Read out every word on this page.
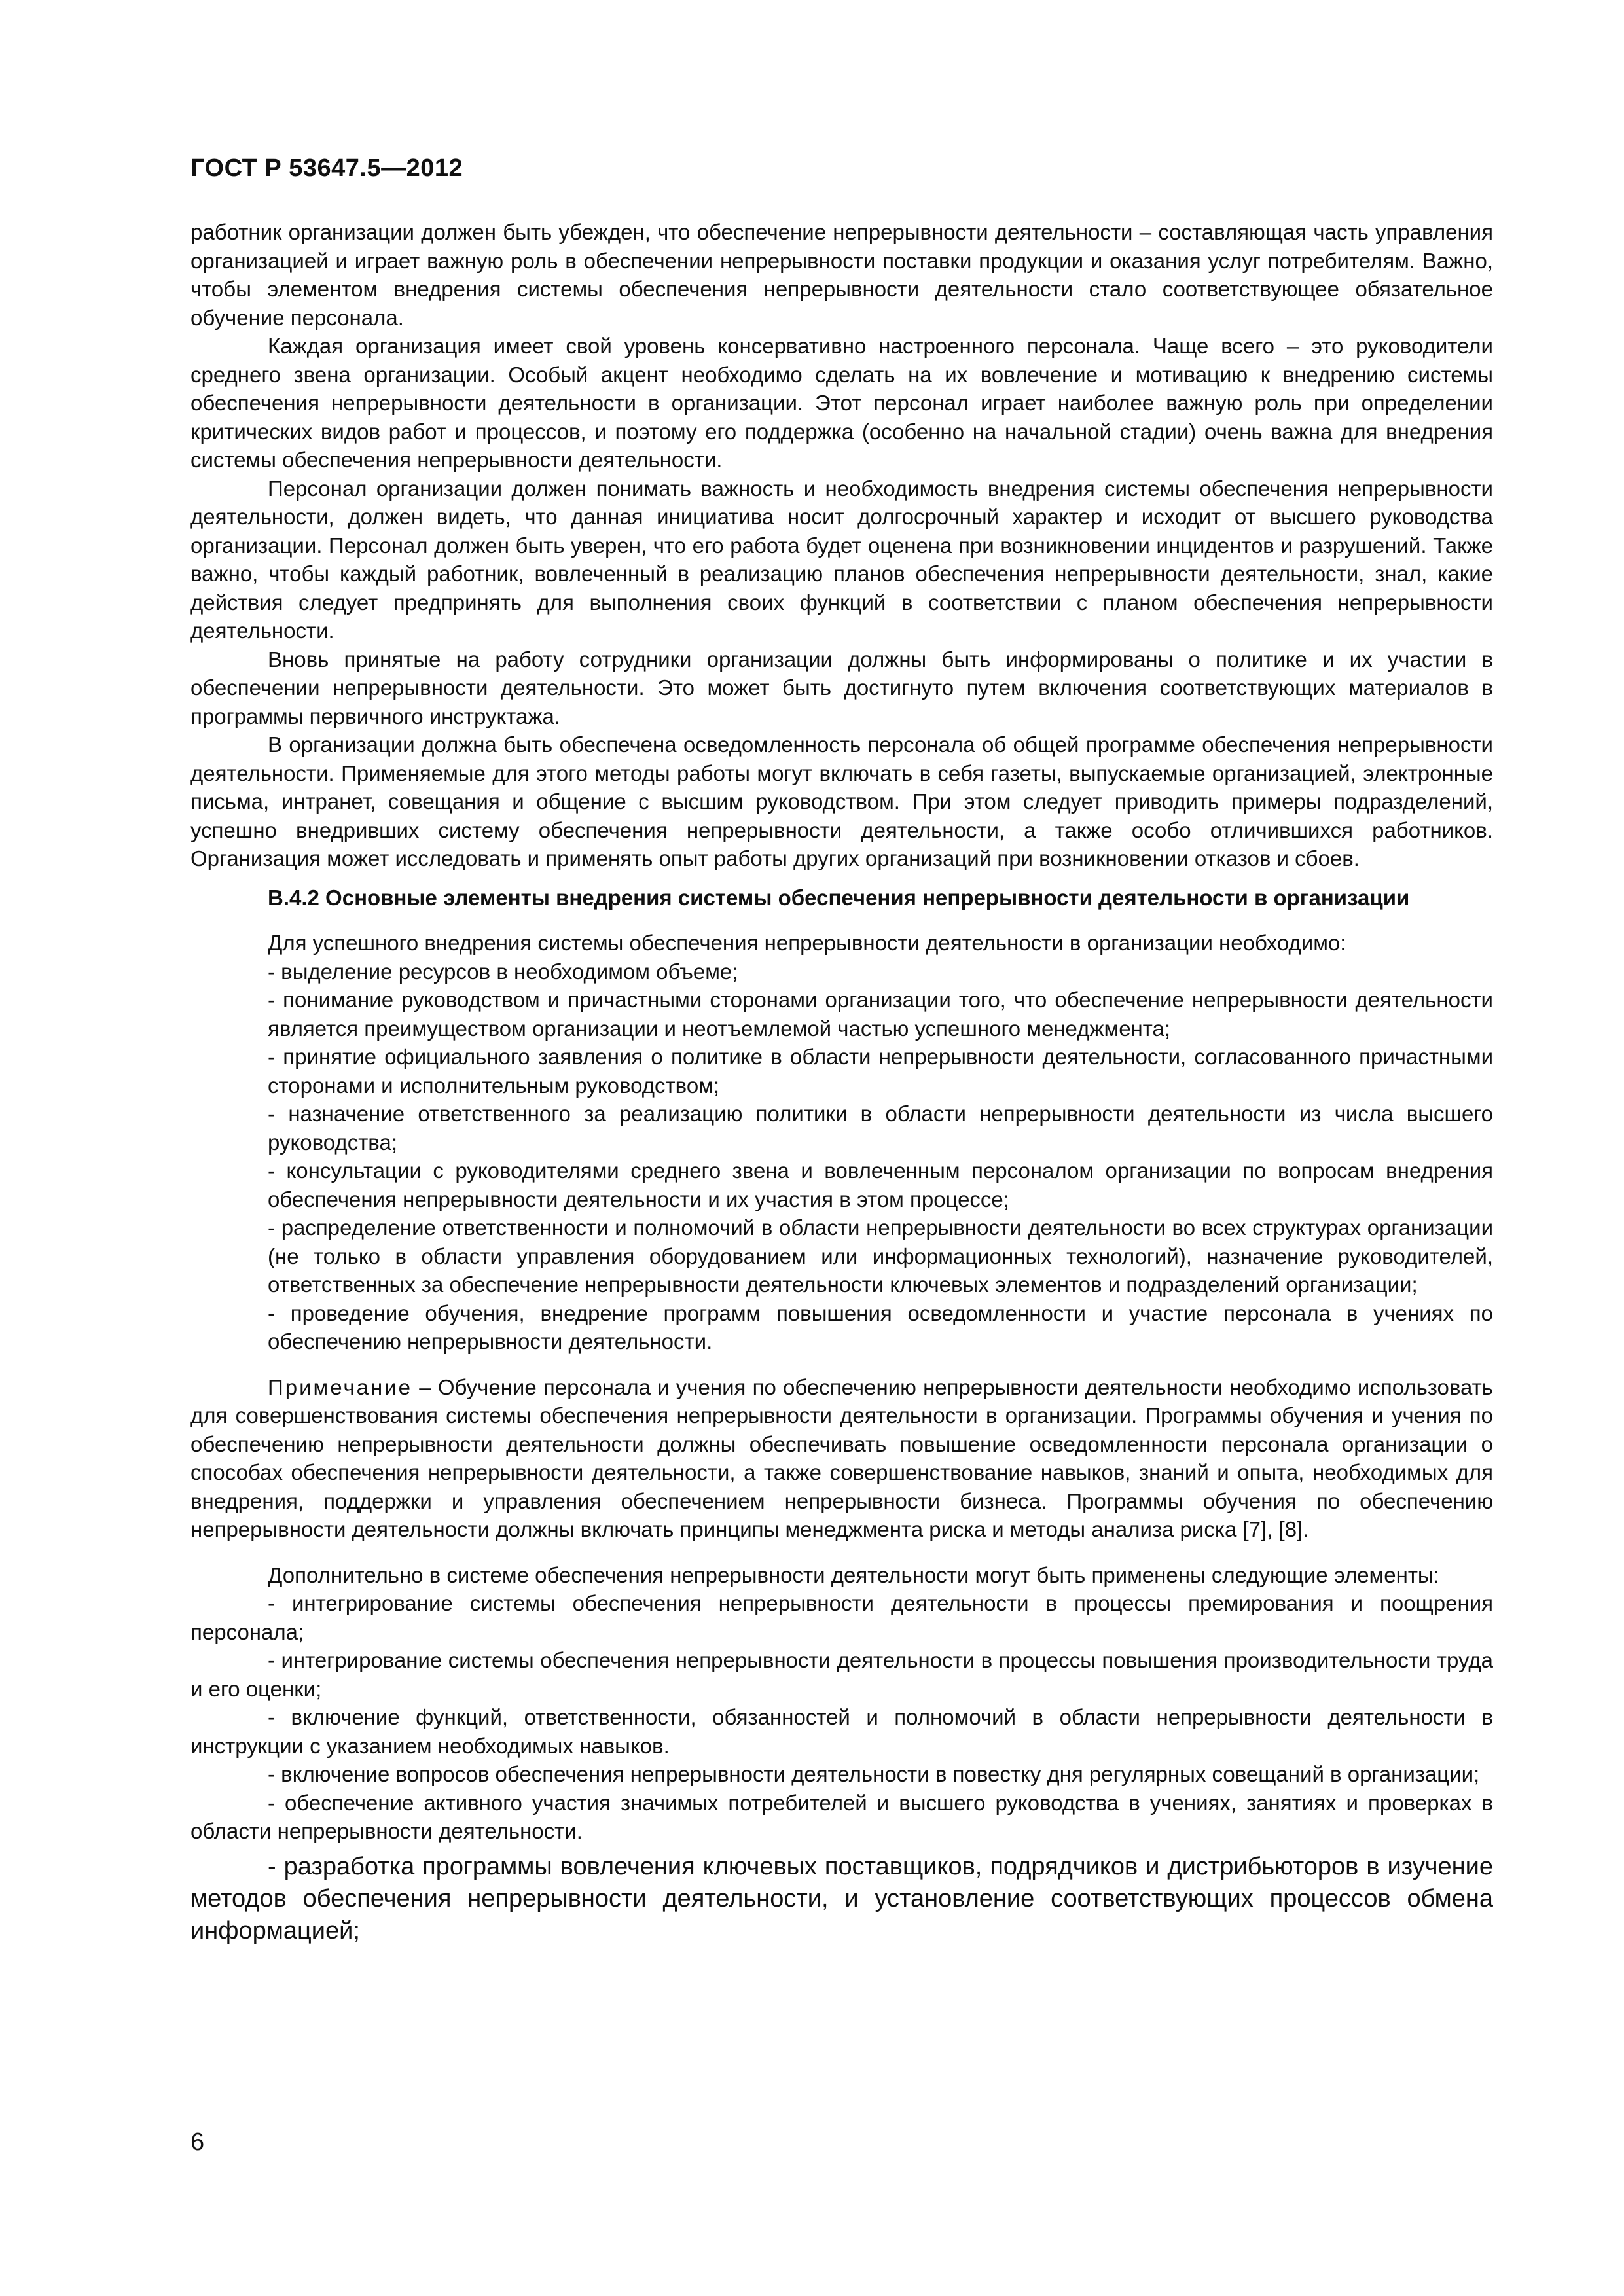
ГОСТ Р 53647.5—2012

работник организации должен быть убежден, что обеспечение непрерывности деятельности – составляющая часть управления организацией и играет важную роль в обеспечении непрерывности поставки продукции и оказания услуг потребителям. Важно, чтобы элементом внедрения системы обеспечения непрерывности деятельности стало соответствующее обязательное обучение персонала.

Каждая организация имеет свой уровень консервативно настроенного персонала. Чаще всего – это руководители среднего звена организации. Особый акцент необходимо сделать на их вовлечение и мотивацию к внедрению системы обеспечения непрерывности деятельности в организации. Этот персонал играет наиболее важную роль при определении критических видов работ и процессов, и поэтому его поддержка (особенно на начальной стадии) очень важна для внедрения системы обеспечения непрерывности деятельности.

Персонал организации должен понимать важность и необходимость внедрения системы обеспечения непрерывности деятельности, должен видеть, что данная инициатива носит долгосрочный характер и исходит от высшего руководства организации. Персонал должен быть уверен, что его работа будет оценена при возникновении инцидентов и разрушений. Также важно, чтобы каждый работник, вовлеченный в реализацию планов обеспечения непрерывности деятельности, знал, какие действия следует предпринять для выполнения своих функций в соответствии с планом обеспечения непрерывности деятельности.

Вновь принятые на работу сотрудники организации должны быть информированы о политике и их участии в обеспечении непрерывности деятельности. Это может быть достигнуто путем включения соответствующих материалов в программы первичного инструктажа.

В организации должна быть обеспечена осведомленность персонала об общей программе обеспечения непрерывности деятельности. Применяемые для этого методы работы могут включать в себя газеты, выпускаемые организацией, электронные письма, интранет, совещания и общение с высшим руководством. При этом следует приводить примеры подразделений, успешно внедривших систему обеспечения непрерывности деятельности, а также особо отличившихся работников. Организация может исследовать и применять опыт работы других организаций при возникновении отказов и сбоев.

В.4.2 Основные элементы внедрения системы обеспечения непрерывности деятельности в организации

Для успешного внедрения системы обеспечения непрерывности деятельности в организации необходимо:

- выделение ресурсов в необходимом объеме;

- понимание руководством и причастными сторонами организации того, что обеспечение непрерывности деятельности является преимуществом организации и неотъемлемой частью успешного менеджмента;

- принятие официального заявления о политике в области непрерывности деятельности, согласованного причастными сторонами и исполнительным руководством;

- назначение ответственного за реализацию политики в области непрерывности деятельности из числа высшего руководства;

- консультации с руководителями среднего звена и вовлеченным персоналом организации по вопросам внедрения обеспечения непрерывности деятельности и их участия в этом процессе;

- распределение ответственности и полномочий в области непрерывности деятельности во всех структурах организации (не только в области управления оборудованием или информационных технологий), назначение руководителей, ответственных за обеспечение непрерывности деятельности ключевых элементов и подразделений организации;

- проведение обучения, внедрение программ повышения осведомленности и участие персонала в учениях по обеспечению непрерывности деятельности.

Примечание – Обучение персонала и учения по обеспечению непрерывности деятельности необходимо использовать для совершенствования системы обеспечения непрерывности деятельности в организации. Программы обучения и учения по обеспечению непрерывности деятельности должны обеспечивать повышение осведомленности персонала организации о способах обеспечения непрерывности деятельности, а также совершенствование навыков, знаний и опыта, необходимых для внедрения, поддержки и управления обеспечением непрерывности бизнеса. Программы обучения по обеспечению непрерывности деятельности должны включать принципы менеджмента риска и методы анализа риска [7], [8].

Дополнительно в системе обеспечения непрерывности деятельности могут быть применены следующие элементы:

- интегрирование системы обеспечения непрерывности деятельности в процессы премирования и поощрения персонала;

- интегрирование системы обеспечения непрерывности деятельности в процессы повышения производительности труда и его оценки;

- включение функций, ответственности, обязанностей и полномочий в области непрерывности деятельности в инструкции с указанием необходимых навыков.

- включение вопросов обеспечения непрерывности деятельности в повестку дня регулярных совещаний в организации;

- обеспечение активного участия значимых потребителей и высшего руководства в учениях, занятиях и проверках в области непрерывности деятельности.

- разработка программы вовлечения ключевых поставщиков, подрядчиков и дистрибьюторов в изучение методов обеспечения непрерывности деятельности, и установление соответствующих процессов обмена информацией;

6
